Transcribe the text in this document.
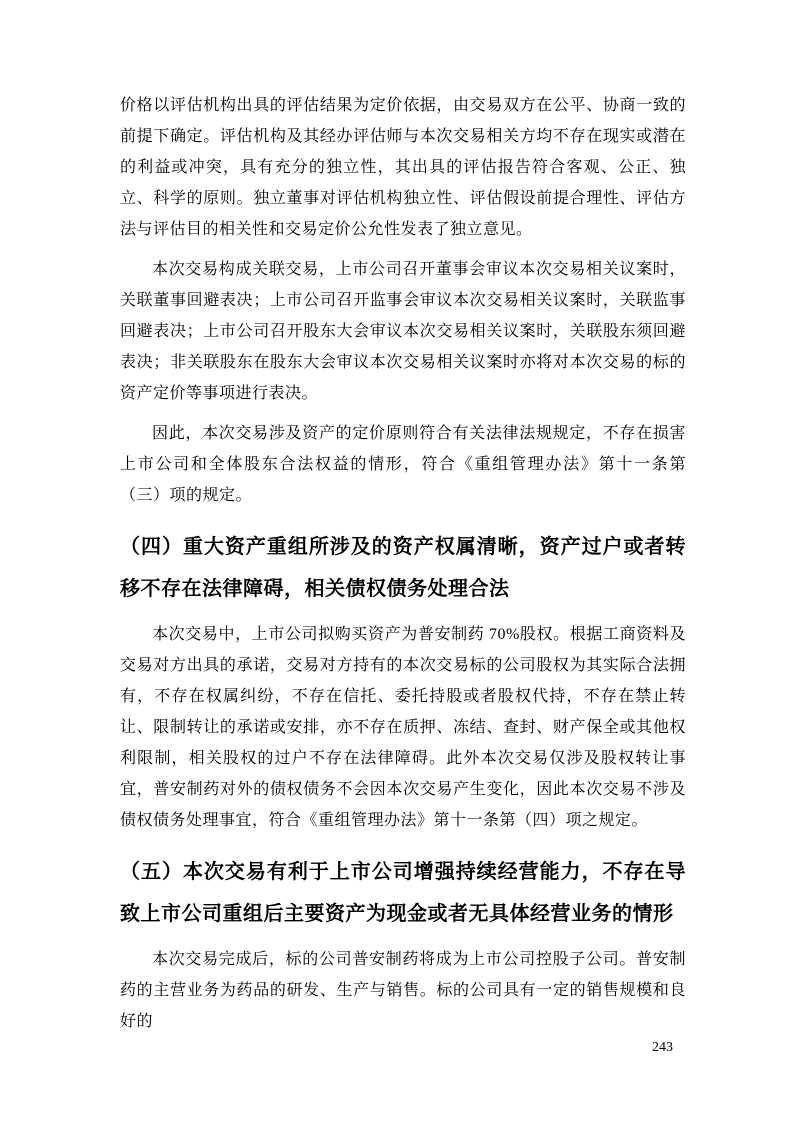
价格以评估机构出具的评估结果为定价依据，由交易双方在公平、协商一致的前提下确定。评估机构及其经办评估师与本次交易相关方均不存在现实或潜在的利益或冲突，具有充分的独立性，其出具的评估报告符合客观、公正、独立、科学的原则。独立董事对评估机构独立性、评估假设前提合理性、评估方法与评估目的相关性和交易定价公允性发表了独立意见。

本次交易构成关联交易，上市公司召开董事会审议本次交易相关议案时，关联董事回避表决；上市公司召开监事会审议本次交易相关议案时，关联监事回避表决；上市公司召开股东大会审议本次交易相关议案时，关联股东须回避表决；非关联股东在股东大会审议本次交易相关议案时亦将对本次交易的标的资产定价等事项进行表决。

因此，本次交易涉及资产的定价原则符合有关法律法规规定，不存在损害上市公司和全体股东合法权益的情形，符合《重组管理办法》第十一条第（三）项的规定。

（四）重大资产重组所涉及的资产权属清晰，资产过户或者转移不存在法律障碍，相关债权债务处理合法

本次交易中，上市公司拟购买资产为普安制药 70%股权。根据工商资料及交易对方出具的承诺，交易对方持有的本次交易标的公司股权为其实际合法拥有，不存在权属纠纷，不存在信托、委托持股或者股权代持，不存在禁止转让、限制转让的承诺或安排，亦不存在质押、冻结、查封、财产保全或其他权利限制，相关股权的过户不存在法律障碍。此外本次交易仅涉及股权转让事宜，普安制药对外的债权债务不会因本次交易产生变化，因此本次交易不涉及债权债务处理事宜，符合《重组管理办法》第十一条第（四）项之规定。

（五）本次交易有利于上市公司增强持续经营能力，不存在导致上市公司重组后主要资产为现金或者无具体经营业务的情形

本次交易完成后，标的公司普安制药将成为上市公司控股子公司。普安制药的主营业务为药品的研发、生产与销售。标的公司具有一定的销售规模和良好的

243
